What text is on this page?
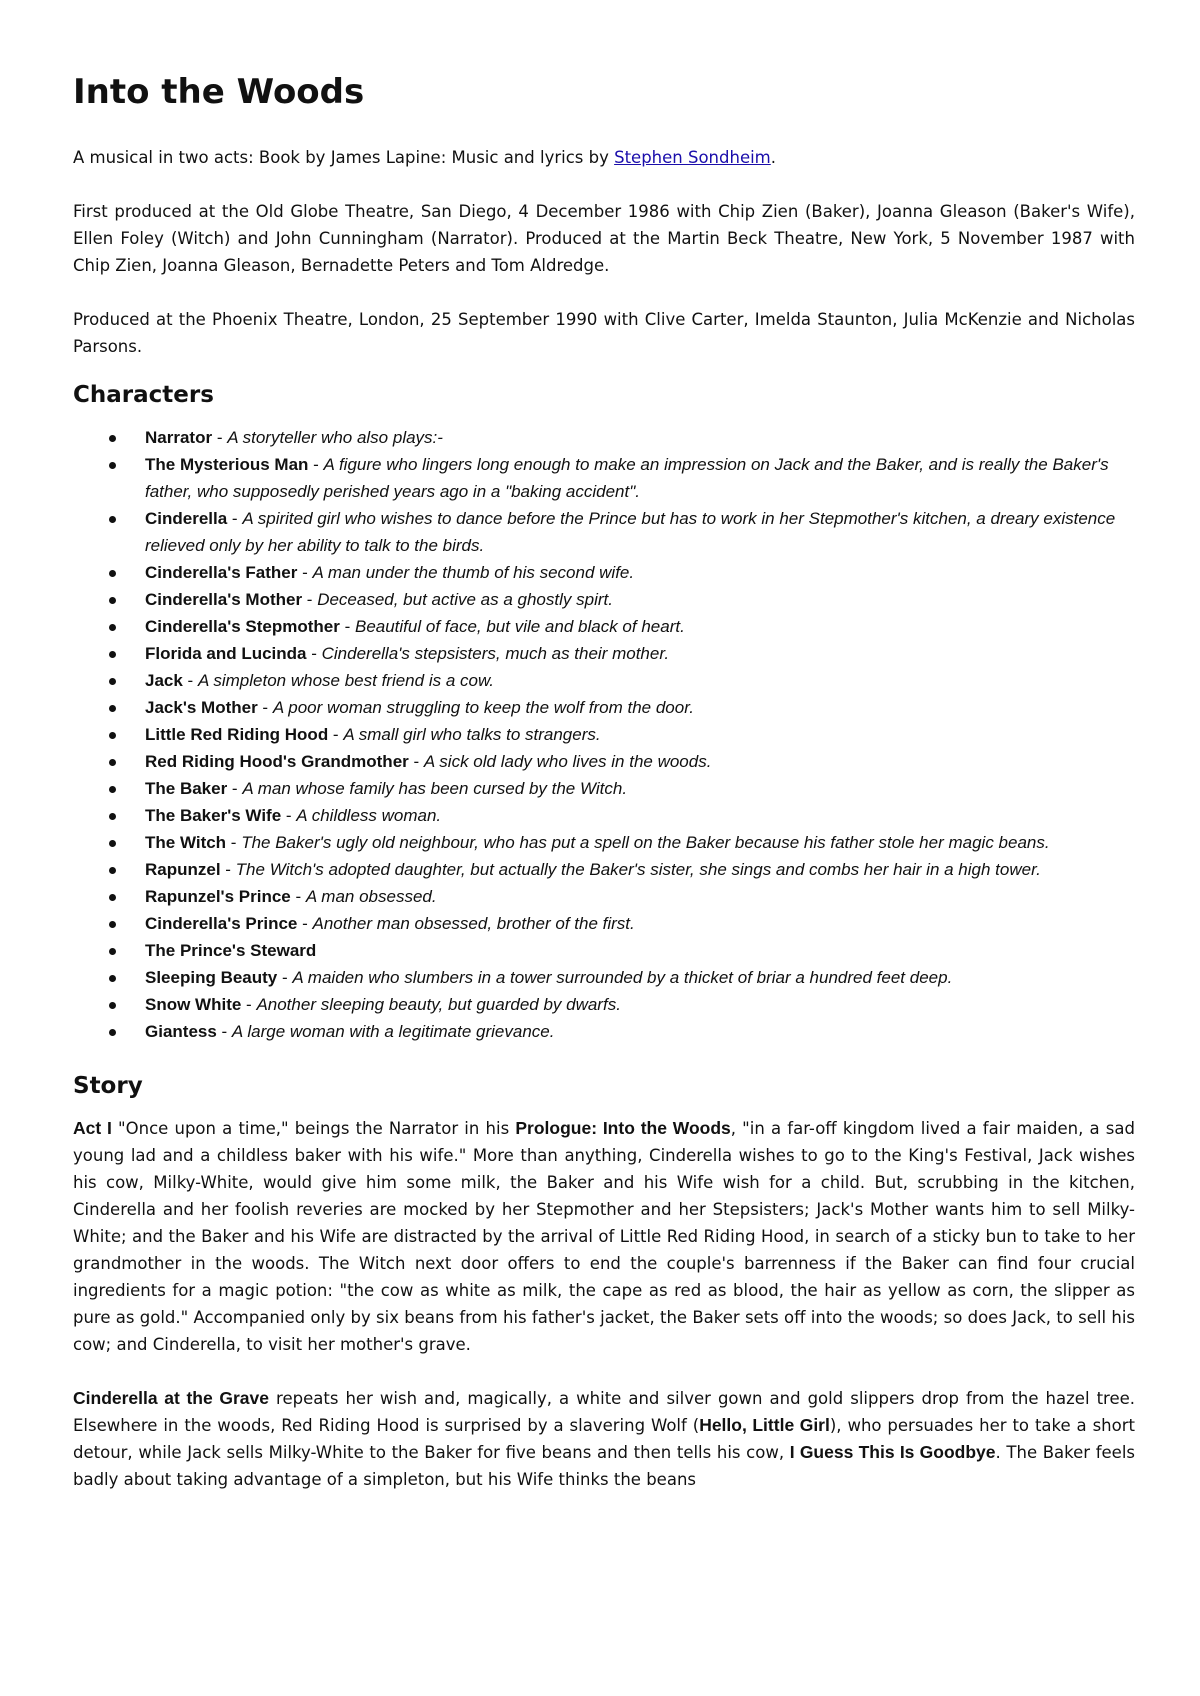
Into the Woods

A musical in two acts: Book by James Lapine: Music and lyrics by Stephen Sondheim.

First produced at the Old Globe Theatre, San Diego, 4 December 1986 with Chip Zien (Baker), Joanna Gleason (Baker's Wife), Ellen Foley (Witch) and John Cunningham (Narrator). Produced at the Martin Beck Theatre, New York, 5 November 1987 with Chip Zien, Joanna Gleason, Bernadette Peters and Tom Aldredge.

Produced at the Phoenix Theatre, London, 25 September 1990 with Clive Carter, Imelda Staunton, Julia McKenzie and Nicholas Parsons.

Characters
Narrator - A storyteller who also plays:-
The Mysterious Man - A figure who lingers long enough to make an impression on Jack and the Baker, and is really the Baker's father, who supposedly perished years ago in a "baking accident".
Cinderella - A spirited girl who wishes to dance before the Prince but has to work in her Stepmother's kitchen, a dreary existence relieved only by her ability to talk to the birds.
Cinderella's Father - A man under the thumb of his second wife.
Cinderella's Mother - Deceased, but active as a ghostly spirt.
Cinderella's Stepmother - Beautiful of face, but vile and black of heart.
Florida and Lucinda - Cinderella's stepsisters, much as their mother.
Jack - A simpleton whose best friend is a cow.
Jack's Mother - A poor woman struggling to keep the wolf from the door.
Little Red Riding Hood - A small girl who talks to strangers.
Red Riding Hood's Grandmother - A sick old lady who lives in the woods.
The Baker - A man whose family has been cursed by the Witch.
The Baker's Wife - A childless woman.
The Witch - The Baker's ugly old neighbour, who has put a spell on the Baker because his father stole her magic beans.
Rapunzel - The Witch's adopted daughter, but actually the Baker's sister, she sings and combs her hair in a high tower.
Rapunzel's Prince - A man obsessed.
Cinderella's Prince - Another man obsessed, brother of the first.
The Prince's Steward
Sleeping Beauty - A maiden who slumbers in a tower surrounded by a thicket of briar a hundred feet deep.
Snow White - Another sleeping beauty, but guarded by dwarfs.
Giantess - A large woman with a legitimate grievance.
Story

Act I "Once upon a time," beings the Narrator in his Prologue: Into the Woods, "in a far-off kingdom lived a fair maiden, a sad young lad and a childless baker with his wife." More than anything, Cinderella wishes to go to the King's Festival, Jack wishes his cow, Milky-White, would give him some milk, the Baker and his Wife wish for a child. But, scrubbing in the kitchen, Cinderella and her foolish reveries are mocked by her Stepmother and her Stepsisters; Jack's Mother wants him to sell Milky-White; and the Baker and his Wife are distracted by the arrival of Little Red Riding Hood, in search of a sticky bun to take to her grandmother in the woods. The Witch next door offers to end the couple's barrenness if the Baker can find four crucial ingredients for a magic potion: "the cow as white as milk, the cape as red as blood, the hair as yellow as corn, the slipper as pure as gold." Accompanied only by six beans from his father's jacket, the Baker sets off into the woods; so does Jack, to sell his cow; and Cinderella, to visit her mother's grave.

Cinderella at the Grave repeats her wish and, magically, a white and silver gown and gold slippers drop from the hazel tree. Elsewhere in the woods, Red Riding Hood is surprised by a slavering Wolf (Hello, Little Girl), who persuades her to take a short detour, while Jack sells Milky-White to the Baker for five beans and then tells his cow, I Guess This Is Goodbye. The Baker feels badly about taking advantage of a simpleton, but his Wife thinks the beans
